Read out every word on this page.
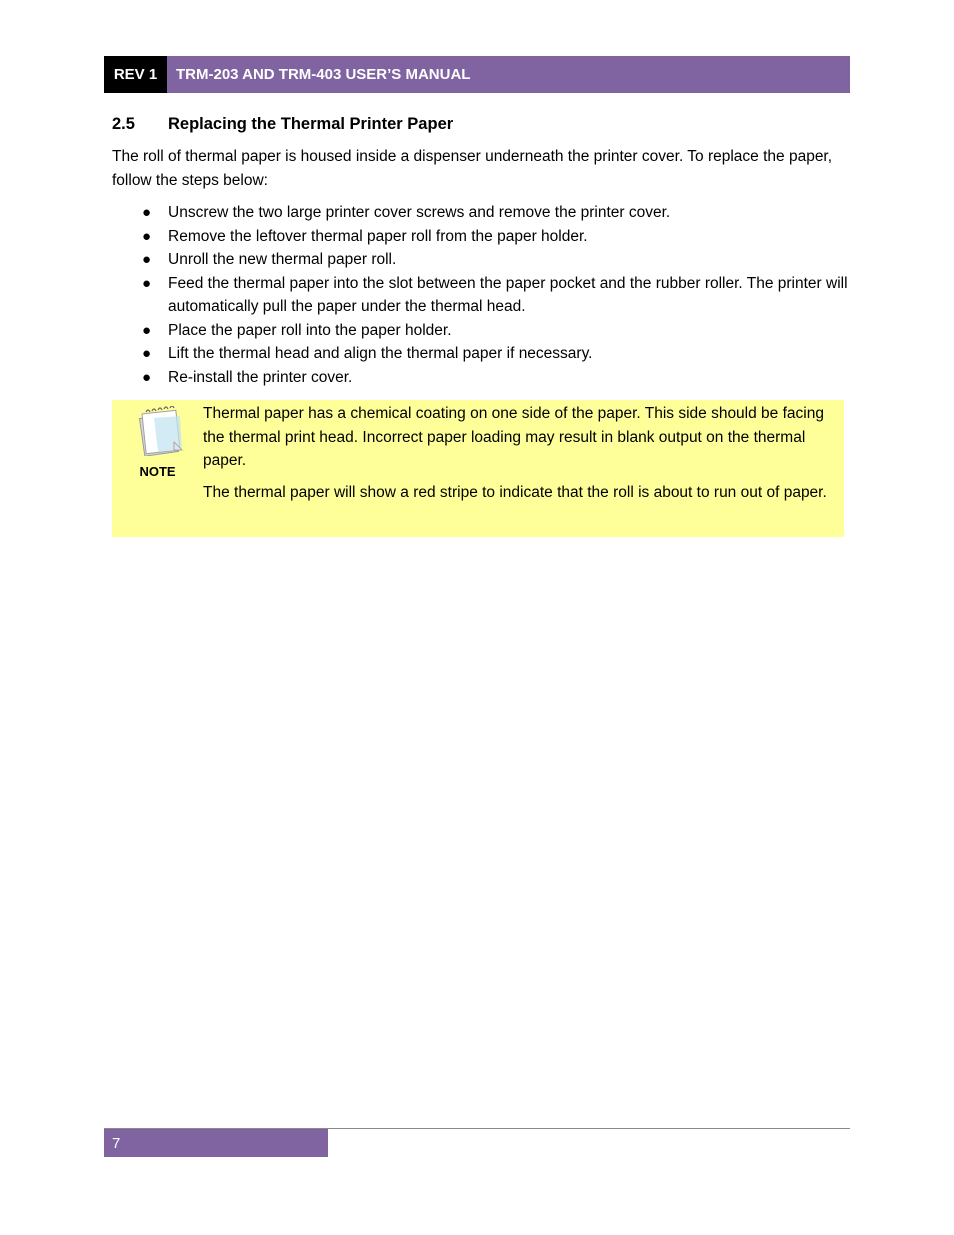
REV 1	TRM-203 AND TRM-403 USER’S MANUAL
2.5 Replacing the Thermal Printer Paper

The roll of thermal paper is housed inside a dispenser underneath the printer cover. To replace the paper, follow the steps below:

● Unscrew the two large printer cover screws and remove the printer cover.
● Remove the leftover thermal paper roll from the paper holder.
● Unroll the new thermal paper roll.
● Feed the thermal paper into the slot between the paper pocket and the rubber roller. The printer will automatically pull the paper under the thermal head.
● Place the paper roll into the paper holder.
● Lift the thermal head and align the thermal paper if necessary.
● Re-install the printer cover.
NOTE

Thermal paper has a chemical coating on one side of the paper. This side should be facing the thermal print head. Incorrect paper loading may result in blank output on the thermal paper.

The thermal paper will show a red stripe to indicate that the roll is about to run out of paper.

7
